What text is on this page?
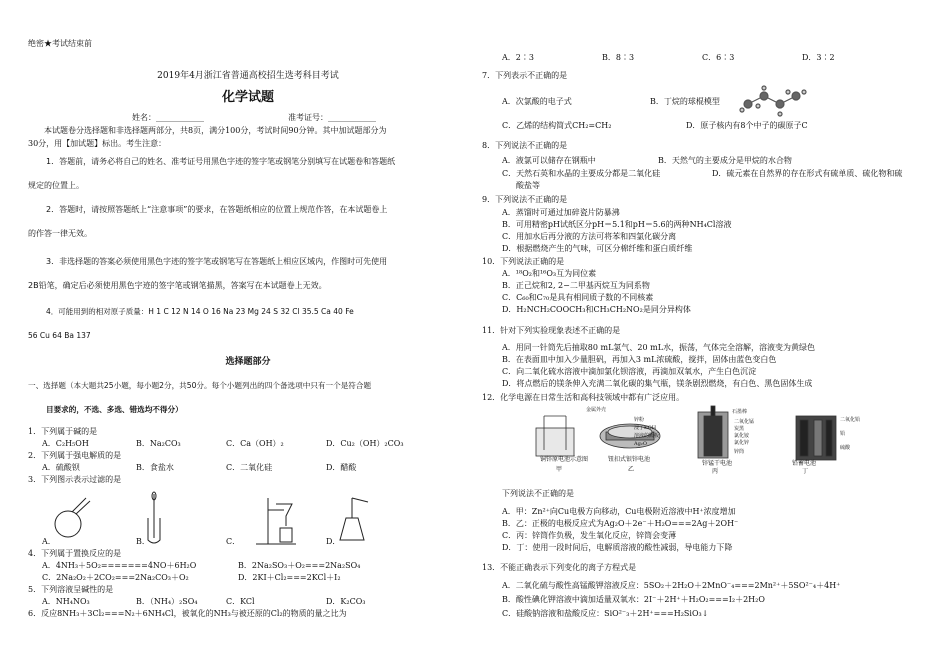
绝密★考试结束前
2019年4月浙江省普通高校招生选考科目考试
化学试题
姓名：____________	准考证号：____________
本试题卷分选择题和非选择题两部分，共8页，满分100分，考试时间90分钟。其中加试题部分为
30分，用【加试题】标出。考生注意：
1．答题前，请务必将自己的姓名、准考证号用黑色字迹的签字笔或钢笔分别填写在试题卷和答题纸
规定的位置上。
2．答题时，请按照答题纸上“注意事项”的要求，在答题纸相应的位置上规范作答，在本试题卷上
的作答一律无效。
3．非选择题的答案必须使用黑色字迹的签字笔或钢笔写在答题纸上相应区域内，作图时可先使用
2B铅笔，确定后必须使用黑色字迹的签字笔或钢笔描黑，答案写在本试题卷上无效。
4．可能用到的相对原子质量：H 1 C 12 N 14 O 16 Na 23 Mg 24 S 32 Cl 35.5 Ca 40 Fe
56 Cu 64 Ba 137
选择题部分
一、选择题（本大题共25小题，每小题2分，共50分。每个小题列出的四个备选项中只有一个是符合题
目要求的，不选、多选、错选均不得分）
1．下列属于碱的是
A．C₂H₅OH	B．Na₂CO₃	C．Ca（OH）₂	D．Cu₂（OH）₂CO₃
2．下列属于强电解质的是
A．硫酸钡	B．食盐水	C．二氧化硅	D．醋酸
3．下列图示表示过滤的是
A．	B．	C．	D．
4．下列属于置换反应的是
A．4NH₃＋5O₂=======4NO＋6H₂O	B．2Na₂SO₃＋O₂===2Na₂SO₄
C．2Na₂O₂＋2CO₂===2Na₂CO₃＋O₂	D．2KI＋Cl₂===2KCl＋I₂
5．下列溶液呈碱性的是
A．NH₄NO₃	B．（NH₄）₂SO₄	C．KCl	D．K₂CO₃
6．反应8NH₃＋3Cl₂===N₂＋6NH₄Cl，被氧化的NH₃与被还原的Cl₂的物质的量之比为
A．2∶3	B．8∶3	C．6∶3	D．3∶2
7．下列表示不正确的是
A．次氯酸的电子式	B．丁烷的球棍模型
C．乙烯的结构简式CH₂=CH₂	D．原子核内有8个中子的碳原子C
8．下列说法不正确的是
A．液氯可以储存在钢瓶中	B．天然气的主要成分是甲烷的水合物
C．天然石英和水晶的主要成分都是二氧化硅	D．硫元素在自然界的存在形式有硫单质、硫化物和硫
酸盐等
9．下列说法不正确的是
A．蒸馏时可通过加碎瓷片防暴沸
B．可用精密pH试纸区分pH＝5.1和pH＝5.6的两种NH₄Cl溶液
C．用加水后再分液的方法可将苯和四氯化碳分离
D．根据燃烧产生的气味，可区分棉纤维和蛋白质纤维
10．下列说法正确的是
A．¹⁸O₂和¹⁶O₃互为同位素
B．正己烷和2, 2−二甲基丙烷互为同系物
C．C₆₀和C₇₀是具有相同质子数的不同核素
D．H₂NCH₂COOCH₃和CH₃CH₂NO₂是同分异构体
11．针对下列实验现象表述不正确的是
A．用同一针筒先后抽取80 mL氯气、20 mL水，振荡，气体完全溶解，溶液变为黄绿色
B．在表面皿中加入少量胆矾，再加入3 mL浓硫酸，搅拌，固体由蓝色变白色
C．向二氧化硫水溶液中滴加氯化钡溶液，再滴加双氧水，产生白色沉淀
D．将点燃后的镁条伸入充满二氧化碳的集气瓶，镁条剧烈燃烧，有白色、黑色固体生成
12．化学电源在日常生活和高科技领域中都有广泛应用。
铜锌原电池示意图	钮扣式银锌电池
锌锰干电池	铅蓄电池
甲	乙	丙	丁
金属外壳
锌粉
浸了KOH
溶液的隔板
Ag₂O
石墨棒
二氧化锰
炭黑
氯化铵
氯化锌
锌筒
二氧化铅
铅
硫酸
下列说法不正确的是
A．甲：Zn²⁺向Cu电极方向移动，Cu电极附近溶液中H⁺浓度增加
B．乙：正极的电极反应式为Ag₂O＋2e⁻＋H₂O===2Ag＋2OH⁻
C．丙：锌筒作负极，发生氧化反应，锌筒会变薄
D．丁：使用一段时间后，电解质溶液的酸性减弱，导电能力下降
13．不能正确表示下列变化的离子方程式是
A．二氧化硫与酸性高锰酸钾溶液反应：5SO₂＋2H₂O＋2MnO⁻₄===2Mn²⁺＋5SO²⁻₄＋4H⁺
B．酸性碘化钾溶液中滴加适量双氧水：2I⁻＋2H⁺＋H₂O₂===I₂＋2H₂O
C．硅酸钠溶液和盐酸反应：SiO²⁻₃＋2H⁺===H₂SiO₃↓
